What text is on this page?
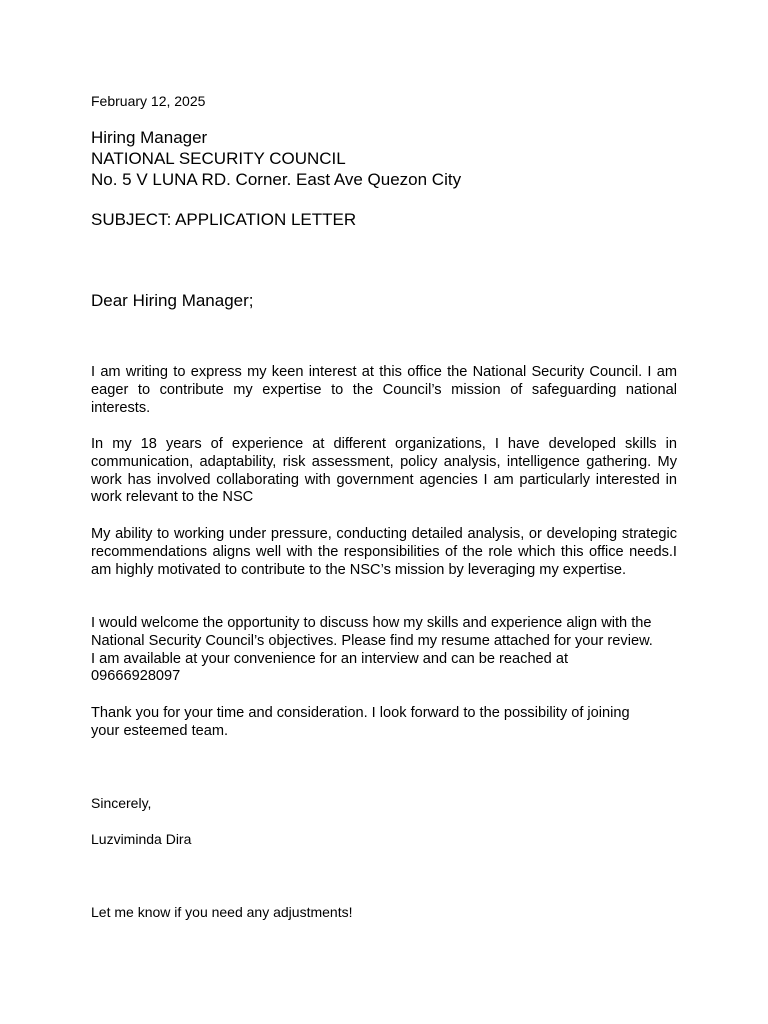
February 12, 2025

Hiring Manager
NATIONAL SECURITY COUNCIL
No. 5 V LUNA RD. Corner. East Ave Quezon City

SUBJECT: APPLICATION LETTER

Dear Hiring Manager;

I am writing to express my keen interest at this office the National Security Council. I am eager to contribute my expertise to the Council’s mission of safeguarding national interests.

In my 18 years of experience at different organizations, I have developed skills in communication, adaptability, risk assessment, policy analysis, intelligence gathering. My work has involved collaborating with government agencies I am particularly interested in work relevant to the NSC

My ability to working under pressure, conducting detailed analysis, or developing strategic recommendations aligns well with the responsibilities of the role which this office needs.I am highly motivated to contribute to the NSC’s mission by leveraging my expertise.

I would welcome the opportunity to discuss how my skills and experience align with the
National Security Council’s objectives. Please find my resume attached for your review.
I am available at your convenience for an interview and can be reached at
09666928097
Thank you for your time and consideration. I look forward to the possibility of joining
your esteemed team.

Sincerely,

Luzviminda Dira

Let me know if you need any adjustments!
